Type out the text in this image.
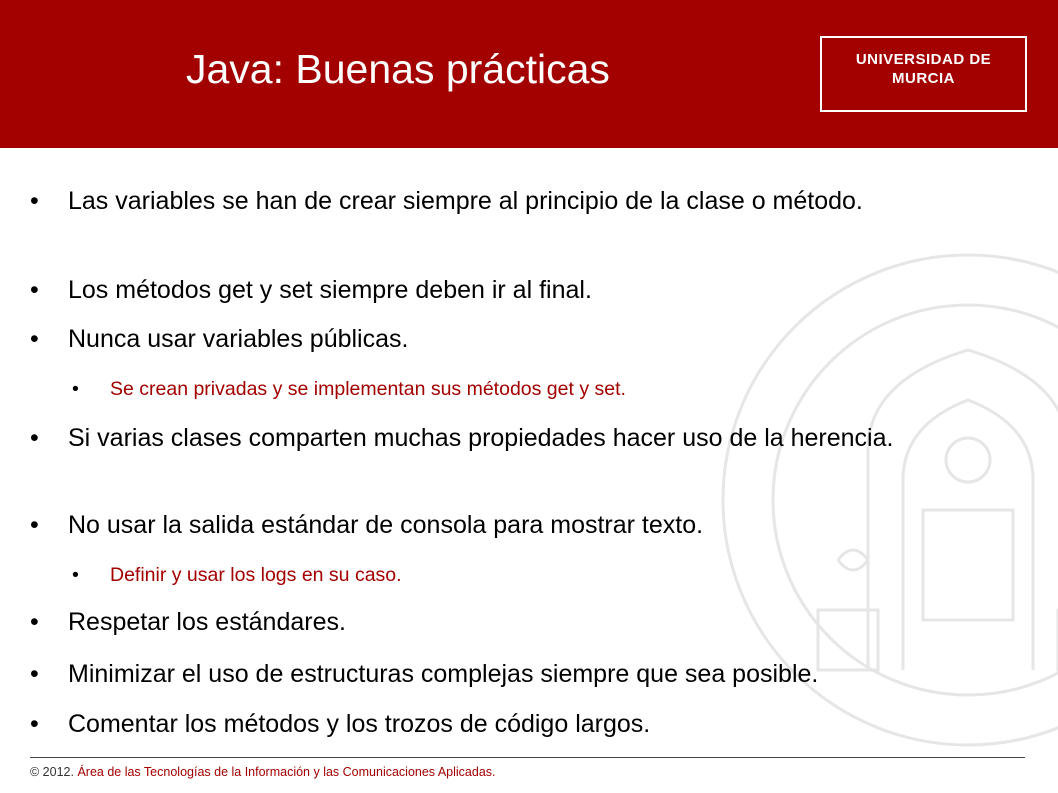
Java: Buenas prácticas	UNIVERSIDAD DE
MURCIA
• Las variables se han de crear siempre al principio de la clase o método.
• Los métodos get y set siempre deben ir al final.
• Nunca usar variables públicas.
• Se crean privadas y se implementan sus métodos get y set.
• Si varias clases comparten muchas propiedades hacer uso de la herencia.
• No usar la salida estándar de consola para mostrar texto.
• Definir y usar los logs en su caso.
• Respetar los estándares.
• Minimizar el uso de estructuras complejas siempre que sea posible.
• Comentar los métodos y los trozos de código largos.
© 2012. Área de las Tecnologías de la Información y las Comunicaciones Aplicadas.
